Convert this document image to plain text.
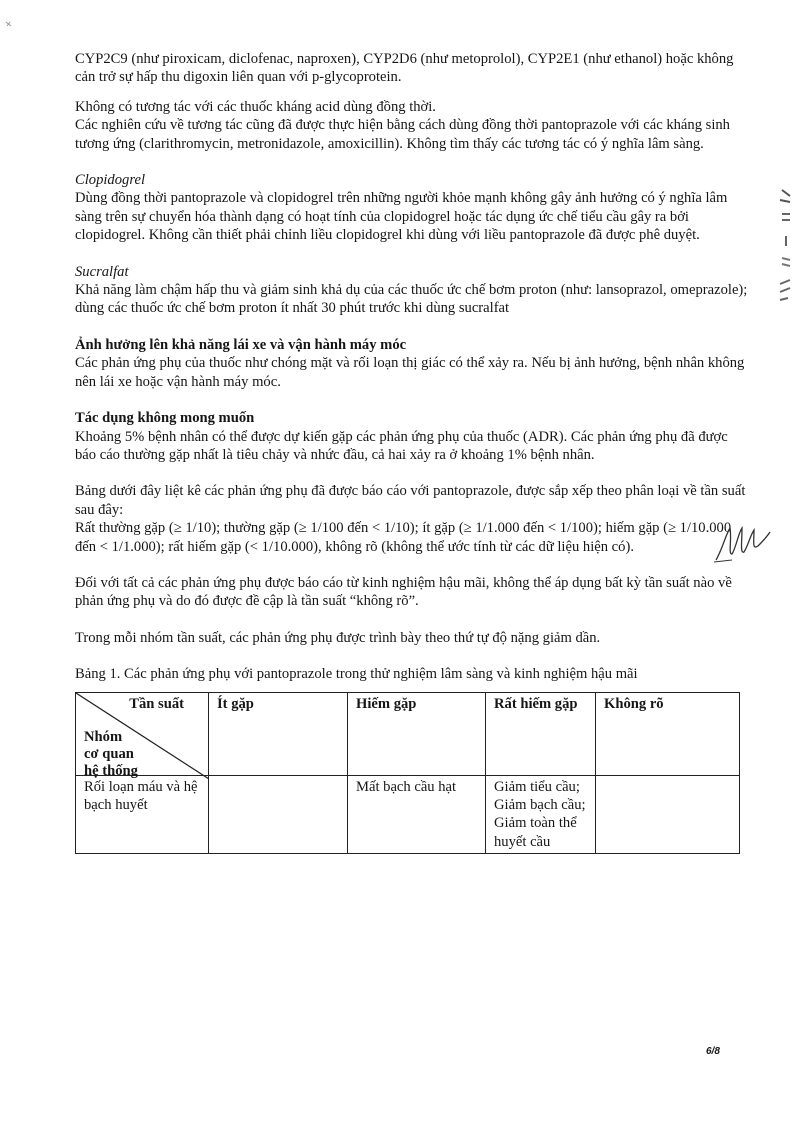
CYP2C9 (như piroxicam, diclofenac, naproxen), CYP2D6 (như metoprolol), CYP2E1 (như ethanol) hoặc không cản trở sự hấp thu digoxin liên quan với p-glycoprotein.

Không có tương tác với các thuốc kháng acid dùng đồng thời.

Các nghiên cứu về tương tác cũng đã được thực hiện bằng cách dùng đồng thời pantoprazole với các kháng sinh tương ứng (clarithromycin, metronidazole, amoxicillin). Không tìm thấy các tương tác có ý nghĩa lâm sàng.

Clopidogrel

Dùng đồng thời pantoprazole và clopidogrel trên những người khỏe mạnh không gây ảnh hưởng có ý nghĩa lâm sàng trên sự chuyển hóa thành dạng có hoạt tính của clopidogrel hoặc tác dụng ức chế tiểu cầu gây ra bởi clopidogrel. Không cần thiết phải chỉnh liều clopidogrel khi dùng với liều pantoprazole đã được phê duyệt.

Sucralfat

Khả năng làm chậm hấp thu và giảm sinh khả dụ của các thuốc ức chế bơm proton (như: lansoprazol, omeprazole); dùng các thuốc ức chế bơm proton ít nhất 30 phút trước khi dùng sucralfat

Ảnh hưởng lên khả năng lái xe và vận hành máy móc

Các phản ứng phụ của thuốc như chóng mặt và rối loạn thị giác có thể xảy ra. Nếu bị ảnh hưởng, bệnh nhân không nên lái xe hoặc vận hành máy móc.

Tác dụng không mong muốn

Khoảng 5% bệnh nhân có thể được dự kiến gặp các phản ứng phụ của thuốc (ADR). Các phản ứng phụ đã được báo cáo thường gặp nhất là tiêu chảy và nhức đầu, cả hai xảy ra ở khoảng 1% bệnh nhân.

Bảng dưới đây liệt kê các phản ứng phụ đã được báo cáo với pantoprazole, được sắp xếp theo phân loại về tần suất sau đây:

Rất thường gặp (≥ 1/10); thường gặp (≥ 1/100 đến < 1/10); ít gặp (≥ 1/1.000 đến < 1/100); hiếm gặp (≥ 1/10.000 đến < 1/1.000); rất hiếm gặp (< 1/10.000), không rõ (không thể ước tính từ các dữ liệu hiện có).

Đối với tất cả các phản ứng phụ được báo cáo từ kinh nghiệm hậu mãi, không thể áp dụng bất kỳ tần suất nào về phản ứng phụ và do đó được đề cập là tần suất “không rõ”.

Trong mỗi nhóm tần suất, các phản ứng phụ được trình bày theo thứ tự độ nặng giảm dần.

Bảng 1. Các phản ứng phụ với pantoprazole trong thử nghiệm lâm sàng và kinh nghiệm hậu mãi

Tần suất
Nhóm
cơ quan
hệ thống	Ít gặp	Hiếm gặp	Rất hiếm gặp	Không rõ
Rối loạn máu và hệ bạch huyết		Mất bạch cầu hạt	Giảm tiểu cầu;
Giảm bạch cầu;
Giảm toàn thể huyết cầu	
6/8
